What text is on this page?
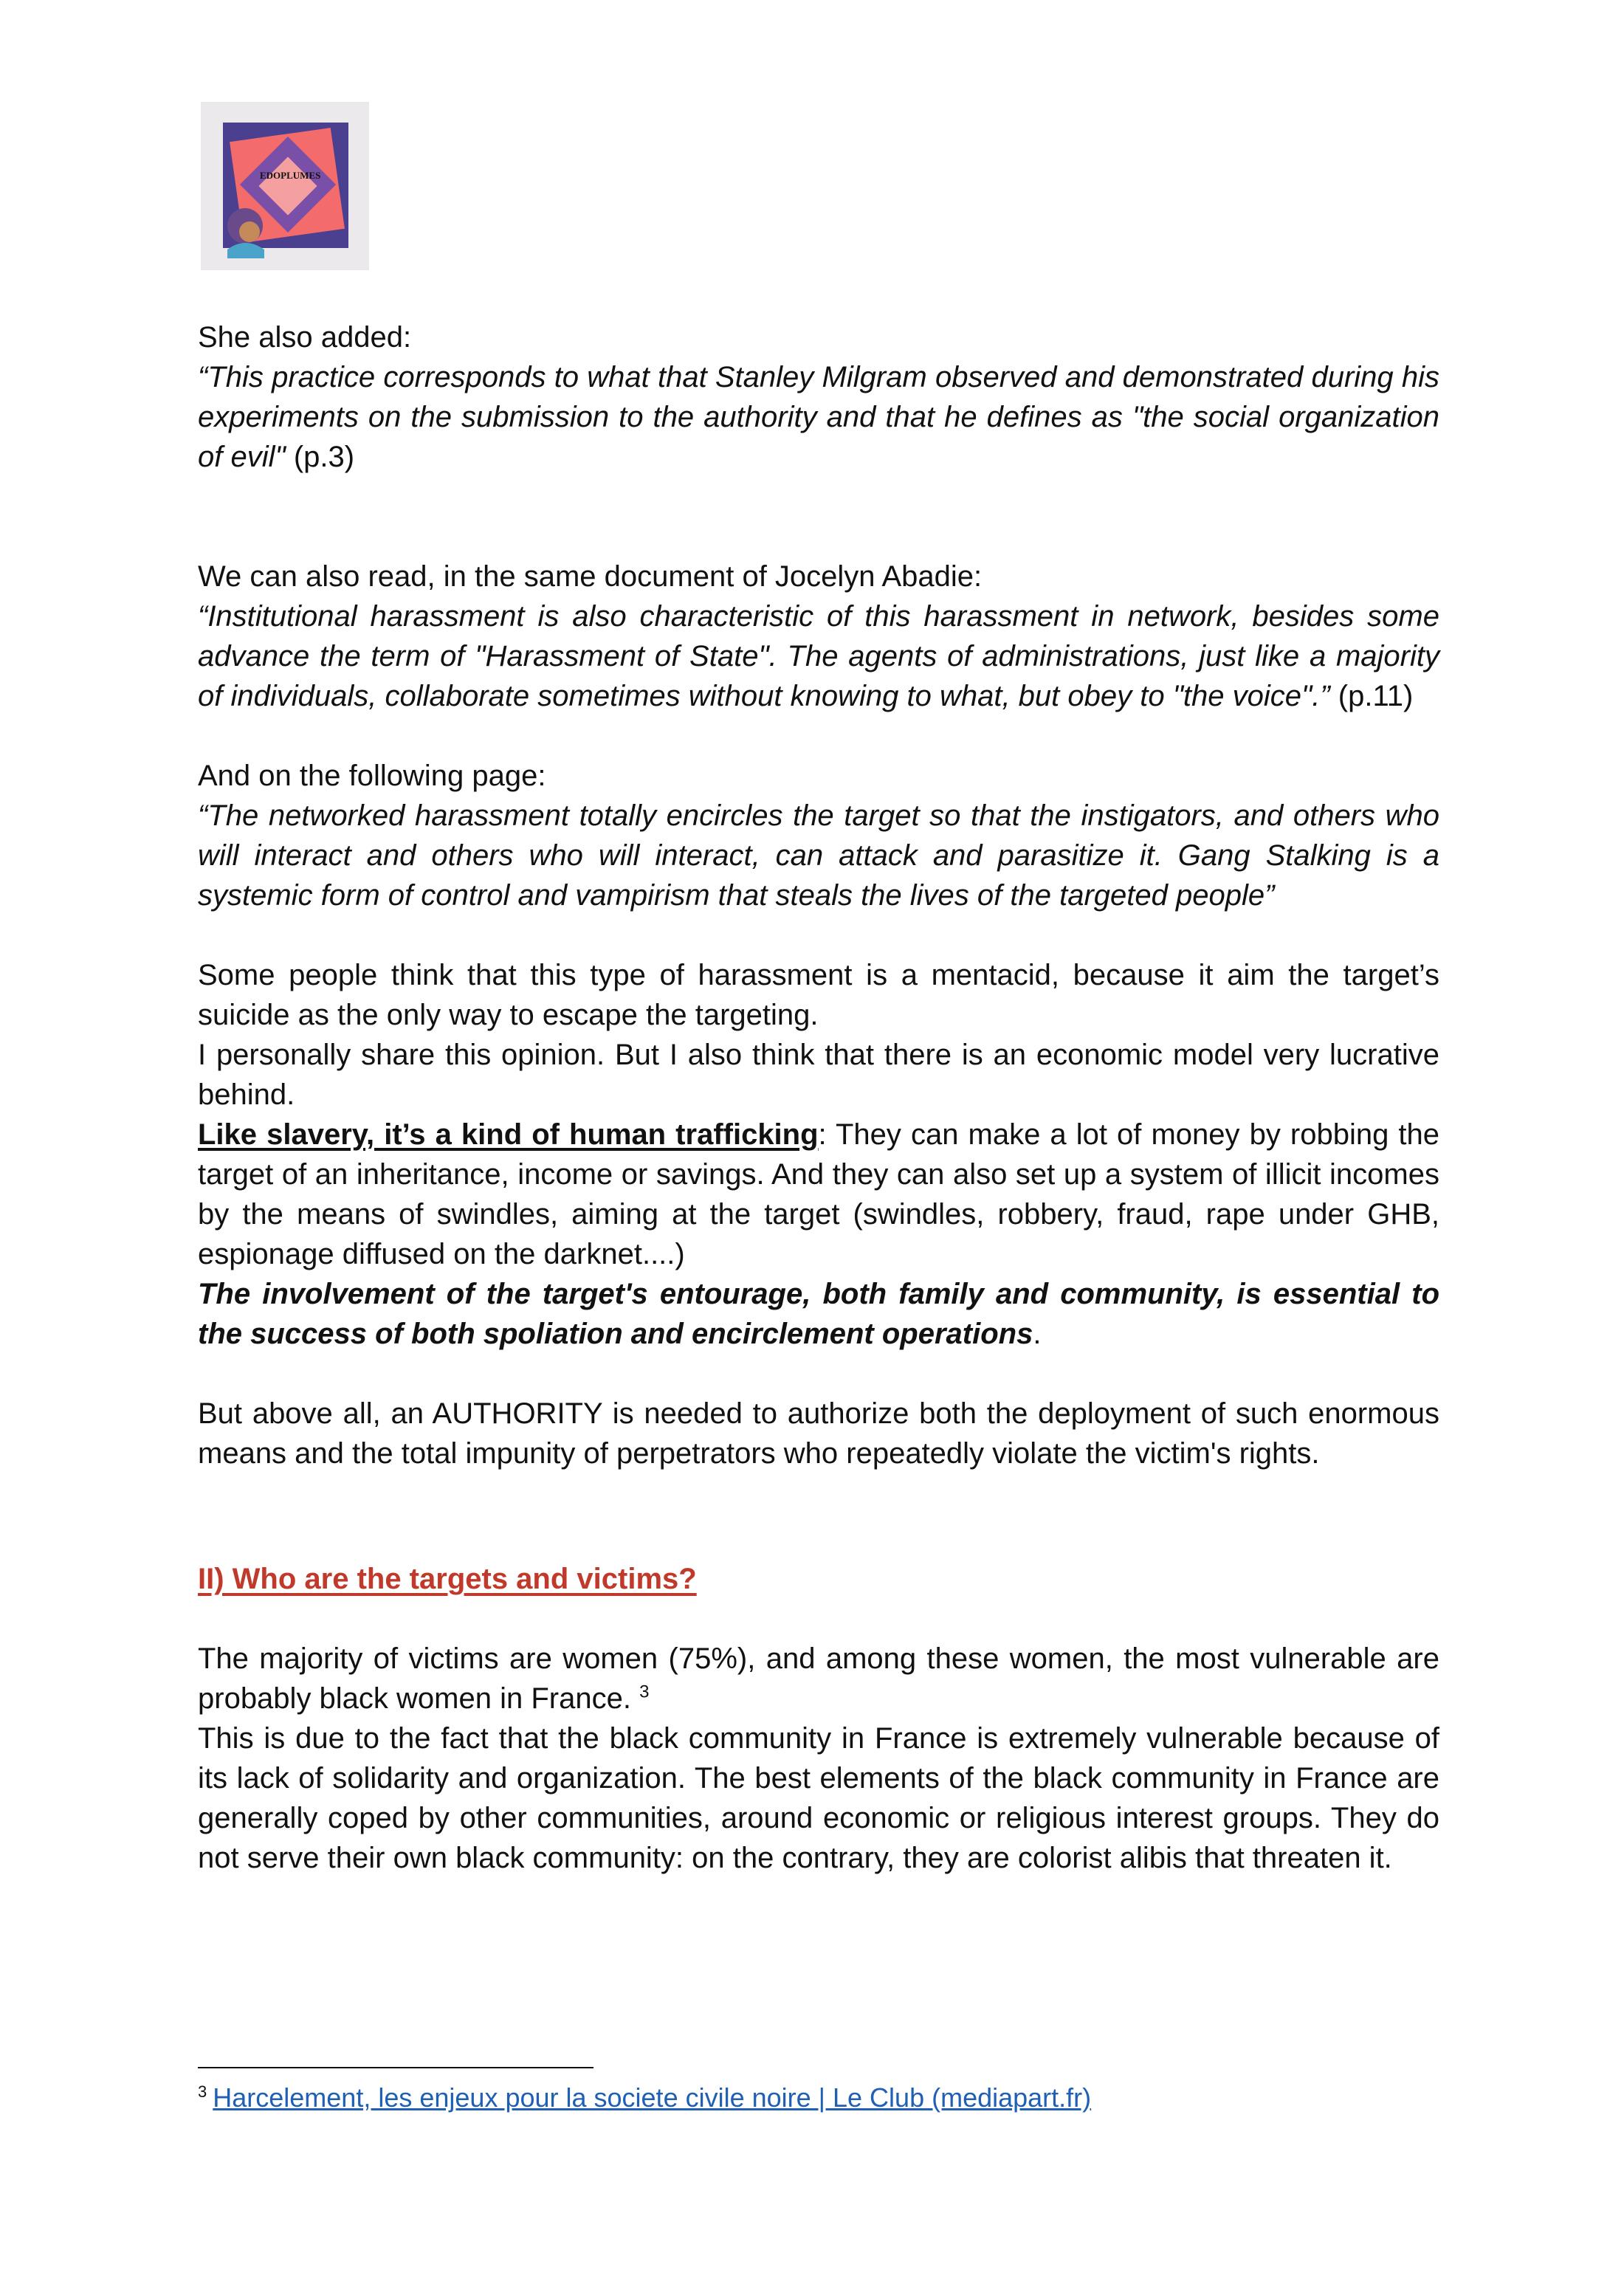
EDOPLUMES

She also added:

“This practice corresponds to what that Stanley Milgram observed and demonstrated during his experiments on the submission to the authority and that he defines as "the social organization of evil" (p.3)

We can also read, in the same document of Jocelyn Abadie:

“Institutional harassment is also characteristic of this harassment in network, besides some advance the term of "Harassment of State". The agents of administrations, just like a majority of individuals, collaborate sometimes without knowing to what, but obey to "the voice".” (p.11)

And on the following page:

“The networked harassment totally encircles the target so that the instigators, and others who will interact and others who will interact, can attack and parasitize it. Gang Stalking is a systemic form of control and vampirism that steals the lives of the targeted people”

Some people think that this type of harassment is a mentacid, because it aim the target’s suicide as the only way to escape the targeting.

I personally share this opinion. But I also think that there is an economic model very lucrative behind.

Like slavery, it’s a kind of human trafficking: They can make a lot of money by robbing the target of an inheritance, income or savings. And they can also set up a system of illicit incomes by the means of swindles, aiming at the target (swindles, robbery, fraud, rape under GHB, espionage diffused on the darknet....)

The involvement of the target's entourage, both family and community, is essential to the success of both spoliation and encirclement operations.

But above all, an AUTHORITY is needed to authorize both the deployment of such enormous means and the total impunity of perpetrators who repeatedly violate the victim's rights.

II) Who are the targets and victims?

The majority of victims are women (75%), and among these women, the most vulnerable are probably black women in France. $^3$

This is due to the fact that the black community in France is extremely vulnerable because of its lack of solidarity and organization. The best elements of the black community in France are generally coped by other communities, around economic or religious interest groups. They do not serve their own black community: on the contrary, they are colorist alibis that threaten it.

$^3$ Harcelement, les enjeux pour la societe civile noire | Le Club (mediapart.fr)
